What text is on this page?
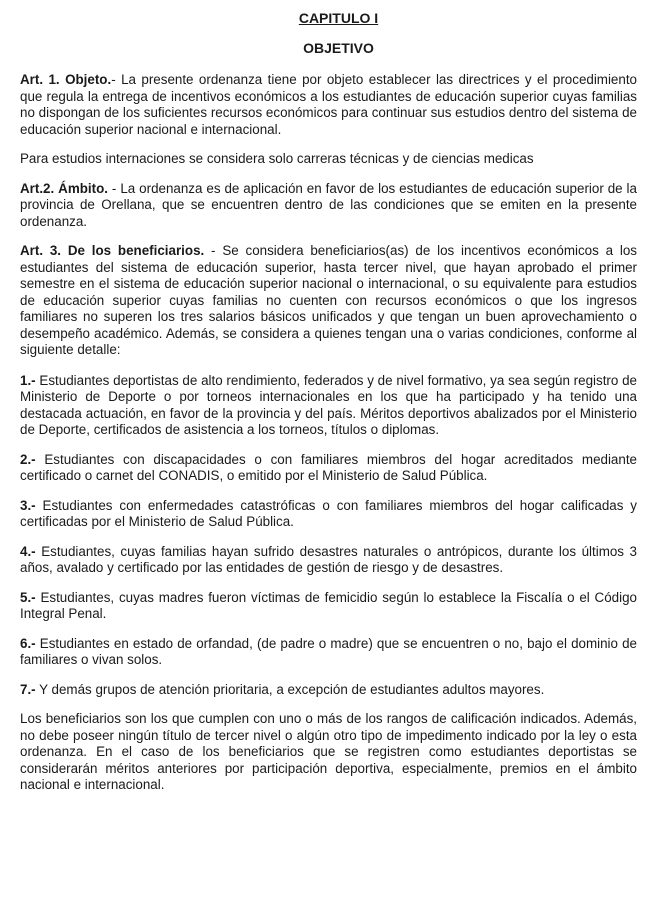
CAPITULO I
OBJETIVO

Art. 1. Objeto.- La presente ordenanza tiene por objeto establecer las directrices y el procedimiento que regula la entrega de incentivos económicos a los estudiantes de educación superior cuyas familias no dispongan de los suficientes recursos económicos para continuar sus estudios dentro del sistema de educación superior nacional e internacional.

Para estudios internaciones se considera solo carreras técnicas y de ciencias medicas

Art.2. Ámbito. - La ordenanza es de aplicación en favor de los estudiantes de educación superior de la provincia de Orellana, que se encuentren dentro de las condiciones que se emiten en la presente ordenanza.

Art. 3. De los beneficiarios. - Se considera beneficiarios(as) de los incentivos económicos a los estudiantes del sistema de educación superior, hasta tercer nivel, que hayan aprobado el primer semestre en el sistema de educación superior nacional o internacional, o su equivalente para estudios de educación superior cuyas familias no cuenten con recursos económicos o que los ingresos familiares no superen los tres salarios básicos unificados y que tengan un buen aprovechamiento o desempeño académico. Además, se considera a quienes tengan una o varias condiciones, conforme al siguiente detalle:

1.- Estudiantes deportistas de alto rendimiento, federados y de nivel formativo, ya sea según registro de Ministerio de Deporte o por torneos internacionales en los que ha participado y ha tenido una destacada actuación, en favor de la provincia y del país. Méritos deportivos abalizados por el Ministerio de Deporte, certificados de asistencia a los torneos, títulos o diplomas.

2.- Estudiantes con discapacidades o con familiares miembros del hogar acreditados mediante certificado o carnet del CONADIS, o emitido por el Ministerio de Salud Pública.

3.- Estudiantes con enfermedades catastróficas o con familiares miembros del hogar calificadas y certificadas por el Ministerio de Salud Pública.

4.- Estudiantes, cuyas familias hayan sufrido desastres naturales o antrópicos, durante los últimos 3 años, avalado y certificado por las entidades de gestión de riesgo y de desastres.

5.- Estudiantes, cuyas madres fueron víctimas de femicidio según lo establece la Fiscalía o el Código Integral Penal.

6.- Estudiantes en estado de orfandad, (de padre o madre) que se encuentren o no, bajo el dominio de familiares o vivan solos.

7.- Y demás grupos de atención prioritaria, a excepción de estudiantes adultos mayores.

Los beneficiarios son los que cumplen con uno o más de los rangos de calificación indicados. Además, no debe poseer ningún título de tercer nivel o algún otro tipo de impedimento indicado por la ley o esta ordenanza. En el caso de los beneficiarios que se registren como estudiantes deportistas se considerarán méritos anteriores por participación deportiva, especialmente, premios en el ámbito nacional e internacional.
